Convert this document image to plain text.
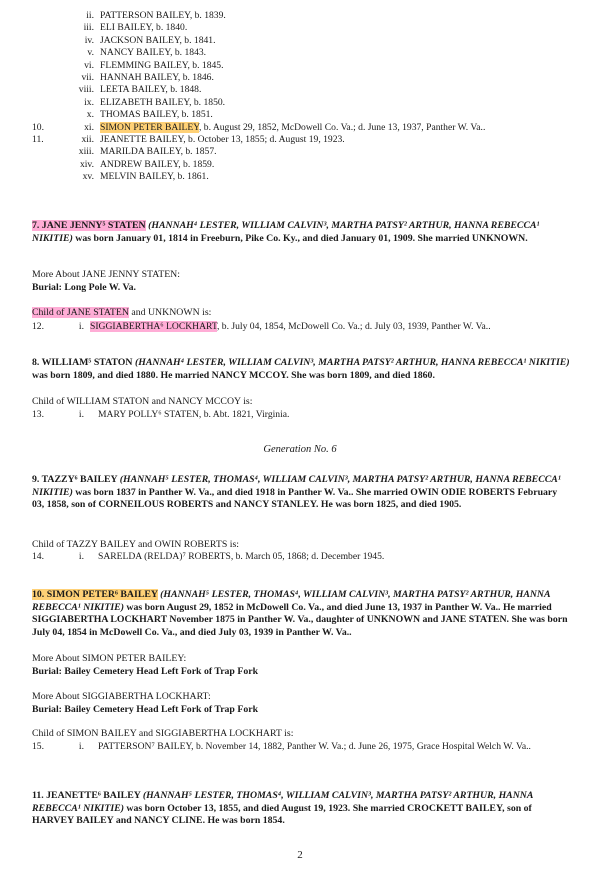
ii. PATTERSON BAILEY, b. 1839.
iii. ELI BAILEY, b. 1840.
iv. JACKSON BAILEY, b. 1841.
v. NANCY BAILEY, b. 1843.
vi. FLEMMING BAILEY, b. 1845.
vii. HANNAH BAILEY, b. 1846.
viii. LEETA BAILEY, b. 1848.
ix. ELIZABETH BAILEY, b. 1850.
x. THOMAS BAILEY, b. 1851.
10.	xi. SIMON PETER BAILEY, b. August 29, 1852, McDowell Co. Va.; d. June 13, 1937, Panther W. Va..
11.	xii. JEANETTE BAILEY, b. October 13, 1855; d. August 19, 1923.
xiii. MARILDA BAILEY, b. 1857.
xiv. ANDREW BAILEY, b. 1859.
xv. MELVIN BAILEY, b. 1861.
7. JANE JENNY⁵ STATEN (HANNAH⁴ LESTER, WILLIAM CALVIN³, MARTHA PATSY² ARTHUR, HANNA REBECCA¹ NIKITIE) was born January 01, 1814 in Freeburn, Pike Co. Ky., and died January 01, 1909. She married UNKNOWN.
More About JANE JENNY STATEN:
Burial: Long Pole W. Va.
Child of JANE STATEN and UNKNOWN is:
12.	i. SIGGIABERTHA⁶ LOCKHART, b. July 04, 1854, McDowell Co. Va.; d. July 03, 1939, Panther W. Va..
8. WILLIAM⁵ STATON (HANNAH⁴ LESTER, WILLIAM CALVIN³, MARTHA PATSY² ARTHUR, HANNA REBECCA¹ NIKITIE) was born 1809, and died 1880. He married NANCY MCCOY. She was born 1809, and died 1860.
Child of WILLIAM STATON and NANCY MCCOY is:
13.	i. MARY POLLY⁶ STATEN, b. Abt. 1821, Virginia.
Generation No. 6
9. TAZZY⁶ BAILEY (HANNAH⁵ LESTER, THOMAS⁴, WILLIAM CALVIN³, MARTHA PATSY² ARTHUR, HANNA REBECCA¹ NIKITIE) was born 1837 in Panther W. Va., and died 1918 in Panther W. Va.. She married OWIN ODIE ROBERTS February 03, 1858, son of CORNEILOUS ROBERTS and NANCY STANLEY. He was born 1825, and died 1905.
Child of TAZZY BAILEY and OWIN ROBERTS is:
14.	i. SARELDA (RELDA)⁷ ROBERTS, b. March 05, 1868; d. December 1945.
10. SIMON PETER⁶ BAILEY (HANNAH⁵ LESTER, THOMAS⁴, WILLIAM CALVIN³, MARTHA PATSY² ARTHUR, HANNA REBECCA¹ NIKITIE) was born August 29, 1852 in McDowell Co. Va., and died June 13, 1937 in Panther W. Va.. He married SIGGIABERTHA LOCKHART November 1875 in Panther W. Va., daughter of UNKNOWN and JANE STATEN. She was born July 04, 1854 in McDowell Co. Va., and died July 03, 1939 in Panther W. Va..
More About SIMON PETER BAILEY:
Burial: Bailey Cemetery Head Left Fork of Trap Fork
More About SIGGIABERTHA LOCKHART:
Burial: Bailey Cemetery Head Left Fork of Trap Fork
Child of SIMON BAILEY and SIGGIABERTHA LOCKHART is:
15.	i. PATTERSON⁷ BAILEY, b. November 14, 1882, Panther W. Va.; d. June 26, 1975, Grace Hospital Welch W. Va..
11. JEANETTE⁶ BAILEY (HANNAH⁵ LESTER, THOMAS⁴, WILLIAM CALVIN³, MARTHA PATSY² ARTHUR, HANNA REBECCA¹ NIKITIE) was born October 13, 1855, and died August 19, 1923. She married CROCKETT BAILEY, son of HARVEY BAILEY and NANCY CLINE. He was born 1854.
2
